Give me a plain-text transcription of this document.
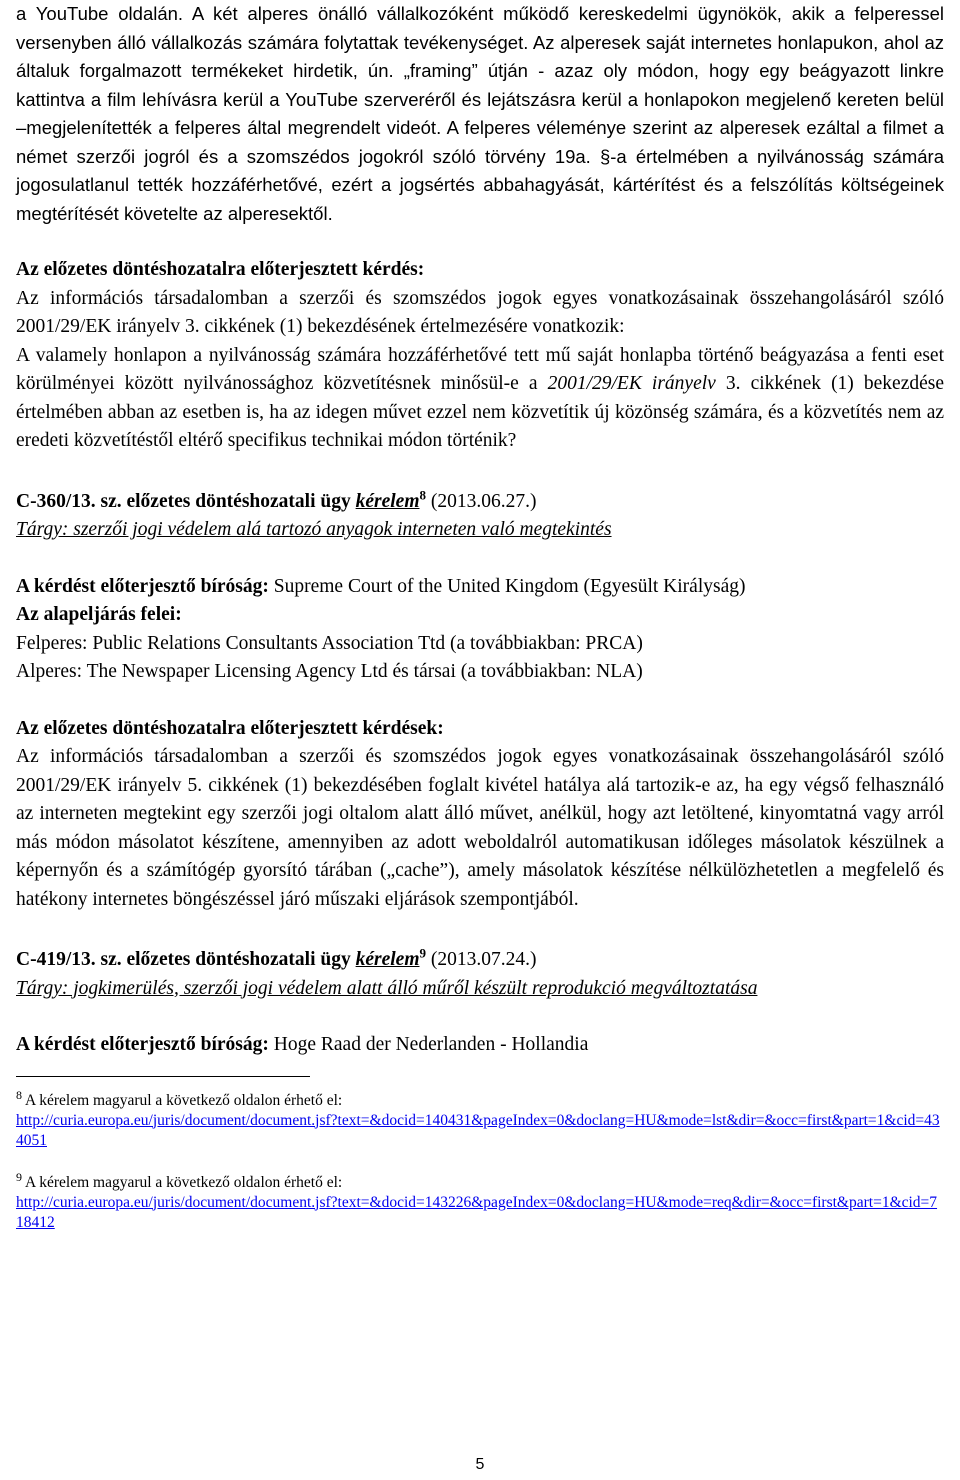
a YouTube oldalán. A két alperes önálló vállalkozóként működő kereskedelmi ügynökök, akik a felperessel versenyben álló vállalkozás számára folytattak tevékenységet. Az alperesek saját internetes honlapukon, ahol az általuk forgalmazott termékeket hirdetik, ún. „framing” útján - azaz oly módon, hogy egy beágyazott linkre kattintva a film lehívásra kerül a YouTube szerveréről és lejátszásra kerül a honlapokon megjelenő kereten belül –megjelenítették a felperes által megrendelt videót. A felperes véleménye szerint az alperesek ezáltal a filmet a német szerzői jogról és a szomszédos jogokról szóló törvény 19a. §-a értelmében a nyilvánosság számára jogosulatlanul tették hozzáférhetővé, ezért a jogsértés abbahagyását, kártérítést és a felszólítás költségeinek megtérítését követelte az alperesektől.

Az előzetes döntéshozatalra előterjesztett kérdés:

Az információs társadalomban a szerzői és szomszédos jogok egyes vonatkozásainak összehangolásáról szóló 2001/29/EK irányelv 3. cikkének (1) bekezdésének értelmezésére vonatkozik:

A valamely honlapon a nyilvánosság számára hozzáférhetővé tett mű saját honlapba történő beágyazása a fenti eset körülményei között nyilvánossághoz közvetítésnek minősül-e a 2001/29/EK irányelv 3. cikkének (1) bekezdése értelmében abban az esetben is, ha az idegen művet ezzel nem közvetítik új közönség számára, és a közvetítés nem az eredeti közvetítéstől eltérő specifikus technikai módon történik?

C-360/13. sz. előzetes döntéshozatali ügy kérelem$^8$ (2013.06.27.)

Tárgy: szerzői jogi védelem alá tartozó anyagok interneten való megtekintés

A kérdést előterjesztő bíróság: Supreme Court of the United Kingdom (Egyesült Királyság)

Az alapeljárás felei:

Felperes: Public Relations Consultants Association Ttd (a továbbiakban: PRCA)

Alperes: The Newspaper Licensing Agency Ltd és társai (a továbbiakban: NLA)

Az előzetes döntéshozatalra előterjesztett kérdések:

Az információs társadalomban a szerzői és szomszédos jogok egyes vonatkozásainak összehangolásáról szóló 2001/29/EK irányelv 5. cikkének (1) bekezdésében foglalt kivétel hatálya alá tartozik-e az, ha egy végső felhasználó az interneten megtekint egy szerzői jogi oltalom alatt álló művet, anélkül, hogy azt letöltené, kinyomtatná vagy arról más módon másolatot készítene, amennyiben az adott weboldalról automatikusan időleges másolatok készülnek a képernyőn és a számítógép gyorsító tárában („cache”), amely másolatok készítése nélkülözhetetlen a megfelelő és hatékony internetes böngészéssel járó műszaki eljárások szempontjából.

C-419/13. sz. előzetes döntéshozatali ügy kérelem$^9$ (2013.07.24.)

Tárgy: jogkimerülés, szerzői jogi védelem alatt álló műről készült reprodukció megváltoztatása

A kérdést előterjesztő bíróság: Hoge Raad der Nederlanden - Hollandia

$^8$ A kérelem magyarul a következő oldalon érhető el:
http://curia.europa.eu/juris/document/document.jsf?text=&docid=140431&pageIndex=0&doclang=HU&mode=lst&dir=&occ=first&part=1&cid=434051
$^9$ A kérelem magyarul a következő oldalon érhető el:
http://curia.europa.eu/juris/document/document.jsf?text=&docid=143226&pageIndex=0&doclang=HU&mode=req&dir=&occ=first&part=1&cid=718412
5
